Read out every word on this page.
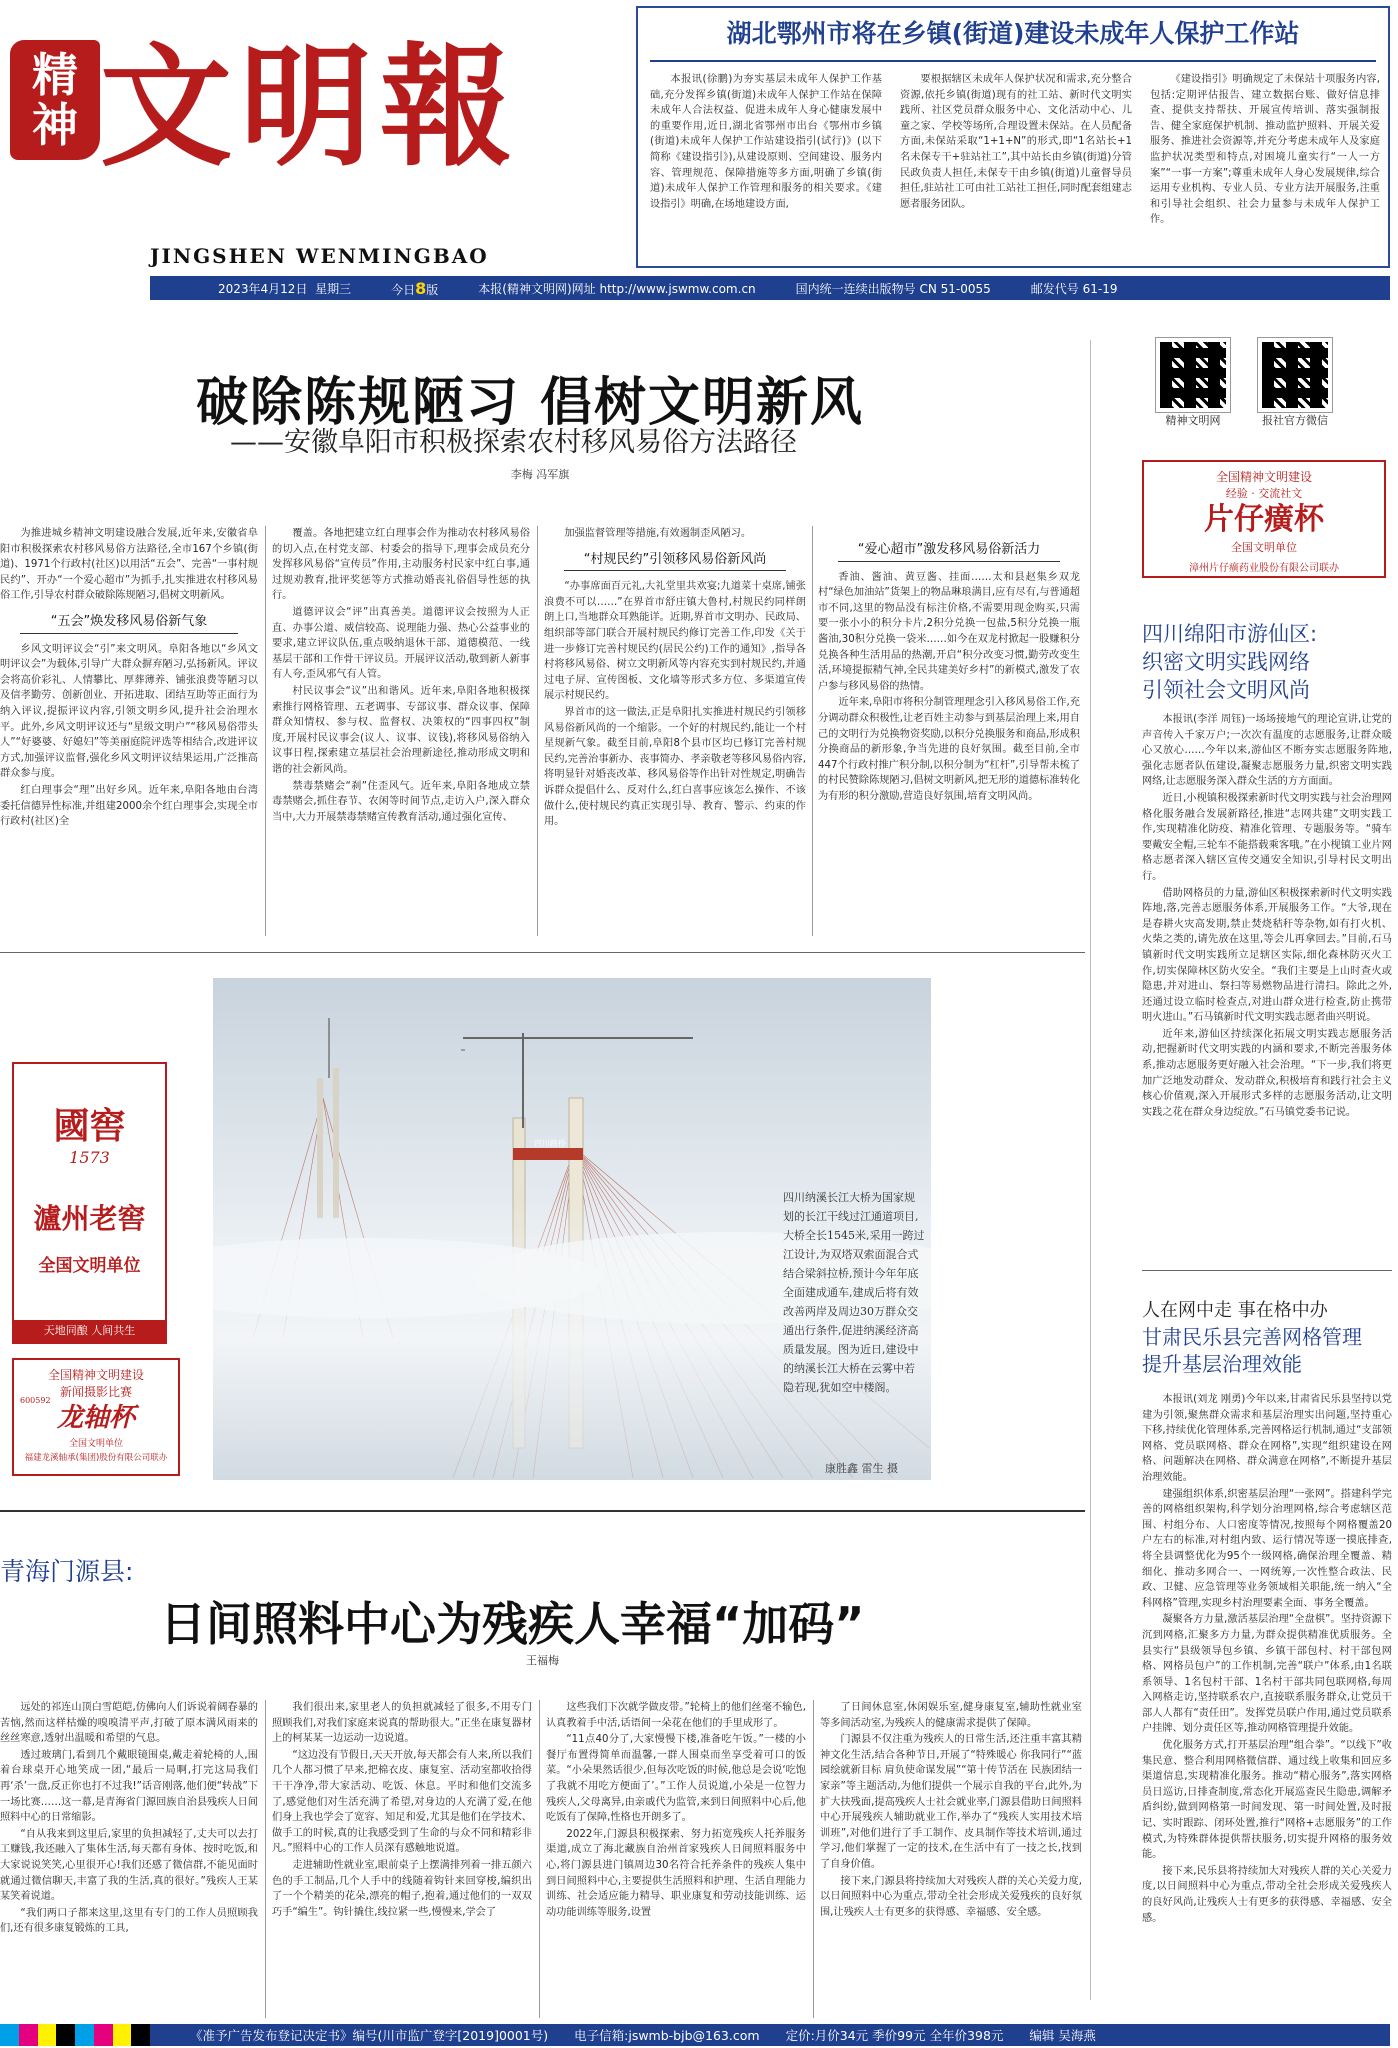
精
神 文明報
JINGSHEN WENMINGBAO
2023年4月12日 星期三	今日8版	本报(精神文明网)网址 http://www.jswmw.com.cn	国内统一连续出版物号 CN 51-0055	邮发代号 61-19
湖北鄂州市将在乡镇(街道)建设未成年人保护工作站

本报讯(徐鹏)为夯实基层未成年人保护工作基础,充分发挥乡镇(街道)未成年人保护工作站在保障未成年人合法权益、促进未成年人身心健康发展中的重要作用,近日,湖北省鄂州市出台《鄂州市乡镇(街道)未成年人保护工作站建设指引(试行)》(以下简称《建设指引》),从建设原则、空间建设、服务内容、管理规范、保障措施等多方面,明确了乡镇(街道)未成年人保护工作管理和服务的相关要求。《建设指引》明确,在场地建设方面,

要根据辖区未成年人保护状况和需求,充分整合资源,依托乡镇(街道)现有的社工站、新时代文明实践所、社区党员群众服务中心、文化活动中心、儿童之家、学校等场所,合理设置未保站。在人员配备方面,未保站采取“1+1+N”的形式,即“1名站长+1名未保专干+驻站社工”,其中站长由乡镇(街道)分管民政负责人担任,未保专干由乡镇(街道)儿童督导员担任,驻站社工可由社工站社工担任,同时配套组建志愿者服务团队。

《建设指引》明确规定了未保站十项服务内容,包括:定期评估报告、建立数据台账、做好信息排查、提供支持帮扶、开展宣传培训、落实强制报告、健全家庭保护机制、推动监护照料、开展关爱服务、推进社会资源等,并充分考虑未成年人及家庭监护状况类型和特点,对困境儿童实行“一人一方案”“一事一方案”;尊重未成年人身心发展规律,综合运用专业机构、专业人员、专业方法开展服务,注重和引导社会组织、社会力量参与未成年人保护工作。

精神文明网	报社官方微信
全国精神文明建设
经验 · 交流社文
片仔癀杯
全国文明单位
漳州片仔癀药业股份有限公司联办
破除陈规陋习 倡树文明新风
——安徽阜阳市积极探索农村移风易俗方法路径
李梅 冯军旗

为推进城乡精神文明建设融合发展,近年来,安徽省阜阳市积极探索农村移风易俗方法路径,全市167个乡镇(街道)、1971个行政村(社区)以用活“五会”、完善“一事村规民约”、开办“一个爱心超市”为抓手,扎实推进农村移风易俗工作,引导农村群众破除陈规陋习,倡树文明新风。

“五会”焕发移风易俗新气象

乡风文明评议会“引”来文明风。阜阳各地以“乡风文明评议会”为载体,引导广大群众摒弃陋习,弘扬新风。评议会将高价彩礼、人情攀比、厚葬薄养、铺张浪费等陋习以及信孝勤劳、创新创业、开拓进取、团结互助等正面行为纳入评议,提振评议内容,引领文明乡风,提升社会治理水平。此外,乡风文明评议还与“星级文明户”“移风易俗带头人”“好婆婆、好媳妇”等美丽庭院评选等相结合,改进评议方式,加强评议监督,强化乡风文明评议结果运用,广泛推高群众参与度。

红白理事会“理”出好乡风。近年来,阜阳各地由台湾委托信德异性标准,并组建2000余个红白理事会,实现全市行政村(社区)全

覆盖。各地把建立红白理事会作为推动农村移风易俗的切入点,在村党支部、村委会的指导下,理事会成员充分发挥移风易俗“宣传员”作用,主动服务村民家中红白事,通过规劝教育,批评奖惩等方式推动婚丧礼俗倡导性惩的执行。

道德评议会“评”出真善美。道德评议会按照为人正直、办事公道、威信较高、说理能力强、热心公益事业的要求,建立评议队伍,重点吸纳退休干部、道德模范、一线基层干部和工作骨干评议员。开展评议活动,敬到新人新事有人夸,歪风邪气有人管。

村民议事会“议”出和谐风。近年来,阜阳各地积极探索推行网格管理、五老调事、专部议事、群众议事、保障群众知情权、参与权、监督权、决策权的“四事四权”制度,开展村民议事会(议人、议事、议钱),将移风易俗纳入议事日程,探索建立基层社会治理新途径,推动形成文明和谐的社会新风尚。

禁毒禁赌会“刹”住歪风气。近年来,阜阳各地成立禁毒禁赌会,抓住春节、农闲等时间节点,走访入户,深入群众当中,大力开展禁毒禁赌宣传教育活动,通过强化宣传、

加强监督管理等措施,有效遏制歪风陋习。

“村规民约”引领移风易俗新风尚

“办事席面百元礼,大礼堂里共欢宴;九道菜十桌席,铺张浪费不可以……”在界首市舒庄镇大鲁村,村规民约同样朗朗上口,当地群众耳熟能详。近期,界首市文明办、民政局、组织部等部门联合开展村规民约修订完善工作,印发《关于进一步修订完善村规民约(居民公约)工作的通知》,指导各村将移风易俗、树立文明新风等内容充实到村规民约,并通过电子屏、宣传图板、文化墙等形式多方位、多渠道宣传展示村规民约。

界首市的这一做法,正是阜阳扎实推进村规民约引领移风易俗新风尚的一个缩影。一个好的村规民约,能让一个村星规新气象。截至目前,阜阳8个县市区均已修订完善村规民约,完善治事新办、丧事简办、孝亲敬老等移风易俗内容,将明显针对婚丧改革、移风易俗等作出针对性规定,明确告诉群众提倡什么、反对什么,红白喜事应该怎么操作、不该做什么,使村规民约真正实现引导、教育、警示、约束的作用。

“爱心超市”激发移风易俗新活力

香油、酱油、黄豆酱、挂面……太和县赵集乡双龙村“绿色加油站”货架上的物品琳琅满目,应有尽有,与普通超市不同,这里的物品没有标注价格,不需要用现金购买,只需要一张小小的积分卡片,2积分兑换一包盐,5积分兑换一瓶酱油,30积分兑换一袋米……如今在双龙村掀起一股赚积分兑换各种生活用品的热潮,开启“积分改变习惯,勤劳改变生活,环境提振精气神,全民共建美好乡村”的新模式,激发了农户参与移风易俗的热情。

近年来,阜阳市将积分制管理理念引入移风易俗工作,充分调动群众积极性,让老百姓主动参与到基层治理上来,用自己的文明行为兑换物资奖励,以积分兑换服务和商品,形成积分换商品的新形象,争当先进的良好氛围。截至目前,全市447个行政村推广积分制,以积分制为“杠杆”,引导帮未梳了的村民赞除陈规陋习,倡树文明新风,把无形的道德标准转化为有形的积分激励,营造良好氛围,培育文明风尚。

四川绵阳市游仙区:
织密文明实践网络
引领社会文明风尚

本报讯(李洋 周钰)一场场接地气的理论宣讲,让党的声音传入千家万户;一次次有温度的志愿服务,让群众暖心又放心……今年以来,游仙区不断夯实志愿服务阵地,强化志愿者队伍建设,凝聚志愿服务力量,织密文明实践网络,让志愿服务深入群众生活的方方面面。

近日,小枧镇积极探索新时代文明实践与社会治理网格化服务融合发展新路径,推进“志网共建”文明实践工作,实现精准化防疫、精准化管理、专题服务等。“骑车要戴安全帽,三轮车不能搭载乘客哦。”在小枧镇工业片网格志愿者深入辖区宣传交通安全知识,引导村民文明出行。

借助网格员的力量,游仙区积极探索新时代文明实践阵地,落,完善志愿服务体系,开展服务工作。“大爷,现在是春耕火灾高发期,禁止焚烧秸秆等杂物,如有打火机、火柴之类的,请先放在这里,等会儿再拿回去。”目前,石马镇新时代文明实践所立足辖区实际,细化森林防灭火工作,切实保障林区防火安全。“我们主要是上山时查火或隐患,并对进山、祭扫等易燃物品进行清扫。除此之外,还通过设立临时检查点,对进山群众进行检查,防止携带明火进山。”石马镇新时代文明实践志愿者曲兴明说。

近年来,游仙区持续深化拓展文明实践志愿服务活动,把握新时代文明实践的内涵和要求,不断完善服务体系,推动志愿服务更好融入社会治理。“下一步,我们将更加广泛地发动群众、发动群众,积极培育和践行社会主义核心价值观,深入开展形式多样的志愿服务活动,让文明实践之花在群众身边绽放。”石马镇党委书记说。

人在网中走 事在格中办
甘肃民乐县完善网格管理
提升基层治理效能

本报讯(刘龙 刚勇)今年以来,甘肃省民乐县坚持以党建为引领,聚焦群众需求和基层治理实出问题,坚持重心下移,持续优化管理体系,完善网格运行机制,通过“支部领网格、党员联网格、群众在网格”,实现“组织建设在网格、问题解决在网格、群众满意在网格”,不断提升基层治理效能。

建强组织体系,织密基层治理“一张网”。搭建科学完善的网格组织架构,科学划分治理网格,综合考虑辖区范围、村组分布、人口密度等情况,按照每个网格覆盖20户左右的标准,对村组内致、运行情况等逐一摸底排查,将全县调整优化为95个一级网格,确保治理全覆盖、精细化、推动多网合一、一网统筹,一次性整合政法、民政、卫健、应急管理等业务领域相关职能,统一纳入“全科网格”管理,实现乡村治理要素全面、事务全覆盖。

凝聚各方力量,激活基层治理“全盘棋”。坚持资源下沉到网格,汇聚多方力量,为群众提供精准优质服务。全县实行“县级领导包乡镇、乡镇干部包村、村干部包网格、网格员包户”的工作机制,完善“联户”体系,由1名联系领导、1名包村干部、1名村干部共同包联网格,每周入网格走访,坚持联系农户,直接联系服务群众,让党员干部人人都有“责任田”。发挥党员联户作用,通过党员联系户挂牌、划分责任区等,推动网格管理提升效能。

优化服务方式,打开基层治理“组合拳”。“以线下”收集民意、整合利用网格微信群、通过线上收集和回应多渠道信息,实现精准化服务。推动“精心服务”,落实网格员日巡访,日排查制度,常态化开展巡查民生隐患,调解矛盾纠纷,做到网格第一时间发现、第一时间处置,及时报记、实时跟踪、闭环处置,推行“网格+志愿服务”的工作模式,为特殊群体提供帮扶服务,切实提升网格的服务效能。

接下来,民乐县将持续加大对残疾人群的关心关爱力度,以日间照料中心为重点,带动全社会形成关爱残疾人的良好风尚,让残疾人士有更多的获得感、幸福感、安全感。

國窖
1573
瀘州老窖
全国文明单位
天地同酿 人间共生
全国精神文明建设
新闻摄影比赛
600592
龙轴杯
全国文明单位
福建龙溪轴承(集团)股份有限公司联办
四川路桥
四川纳溪长江大桥为国家规划的长江干线过江通道项目,大桥全长1545米,采用一跨过江设计,为双塔双索面混合式结合梁斜拉桥,预计今年年底全面建成通车,建成后将有效改善两岸及周边30万群众交通出行条件,促进纳溪经济高质量发展。图为近日,建设中的纳溪长江大桥在云雾中若隐若现,犹如空中楼阁。
康胜鑫 雷生 摄
青海门源县:
日间照料中心为残疾人幸福“加码”
王福梅

远处的祁连山顶白雪皑皑,仿佛向人们诉说着阔春暴的苦恼,然而这样枯燥的嗅嗅清平声,打破了原本满风雨来的丝丝寒意,透射出温暖和希望的气息。

透过玻璃门,看到几个戴眼镜围桌,戴走着轮椅的人,围着台球桌开心地笑成一团,“最后一局啊,打完这局我们再‘杀’一盘,反正你也打不过我!”话音刚落,他们便“转战”下一场比赛……这一幕,是青海省门源回族自治县残疾人日间照料中心的日常缩影。

“自从我来到这里后,家里的负担减轻了,丈夫可以去打工赚钱,我还融入了集体生活,每天都有身体、按时吃饭,和大家说说笑笑,心里很开心!我们还感了微信群,不能见面时就通过微信聊天,丰富了我的生活,真的很好。”残疾人王某某笑着说道。

“我们两口子都来这里,这里有专门的工作人员照顾我们,还有很多康复锻炼的工具,

我们很出来,家里老人的负担就减轻了很多,不用专门照顾我们,对我们家庭来说真的帮助很大。”正坐在康复器材上的柯某某一边运动一边说道。

“这边没有节假日,天天开放,每天都会有人来,所以我们几个人都习惯了早来,把棉衣皮、康复室、活动室都收拾得干干净净,带大家活动、吃饭、休息。平时和他们交流多了,感觉他们对生活充满了希望,对身边的人充满了爱,在他们身上我也学会了宽容、知足和爱,尤其是他们在学技术、做手工的时候,真的让我感受到了生命的与众不同和精彩非凡。”照料中心的工作人员深有感触地说道。

走进辅助性就业室,眼前桌子上摆满排列着一排五颜六色的手工制品,几个人手中的线随着钩针来回穿梭,编织出了一个个精美的花朵,漂亮的帽子,抱着,通过他们的一双双巧手“编生”。钩针撬住,线拉紧一些,慢慢来,学会了

这些我们下次就学做皮带。”轮椅上的他们丝毫不输色,认真教着手中活,话语间一朵花在他们的手里成形了。

“11点40分了,大家慢慢下楼,准备吃午饭。”一楼的小餐厅布置得简单而温馨,一群人围桌而坐享受着可口的饭菜。“小朵果然话很少,但每次吃饭的时候,他总是会说‘吃饱了我就不用吃方便面了’。”工作人员说道,小朵是一位智力残疾人,父母离异,由亲戚代为监管,来到日间照料中心后,他吃饭有了保障,性格也开朗多了。

2022年,门源县积极探索、努力拓宽残疾人托养服务渠道,成立了海北藏族自治州首家残疾人日间照料服务中心,将门源县进门镇周边30名符合托养条件的残疾人集中到日间照料中心,主要提供生活照料和护理、生活自理能力训练、社会适应能力精导、职业康复和劳动技能训练、运动功能训练等服务,设置

了日间休息室,休闲娱乐室,健身康复室,辅助性就业室等多间活动室,为残疾人的健康需求提供了保障。

门源县不仅注重为残疾人的日常生活,还注重丰富其精神文化生活,结合各种节日,开展了“特殊暖心 你我同行”“蓝园绘就新目标 肩负使命谋发展”“第十传节活在 民族团结一家亲”等主题活动,为他们提供一个展示自我的平台,此外,为扩大扶残面,提高残疾人士社会就业率,门源县借助日间照料中心开展残疾人辅助就业工作,举办了“残疾人实用技术培训班”,对他们进行了手工制作、皮具制作等技术培训,通过学习,他们掌握了一定的技术,在生活中有了一技之长,找到了自身价值。

接下来,门源县将持续加大对残疾人群的关心关爱力度,以日间照料中心为重点,带动全社会形成关爱残疾的良好氛围,让残疾人士有更多的获得感、幸福感、安全感。

《准予广告发布登记决定书》编号(川市监广登字[2019]0001号) 电子信箱:jswmb-bjb@163.com 定价:月价34元 季价99元 全年价398元 编辑 吴海燕
